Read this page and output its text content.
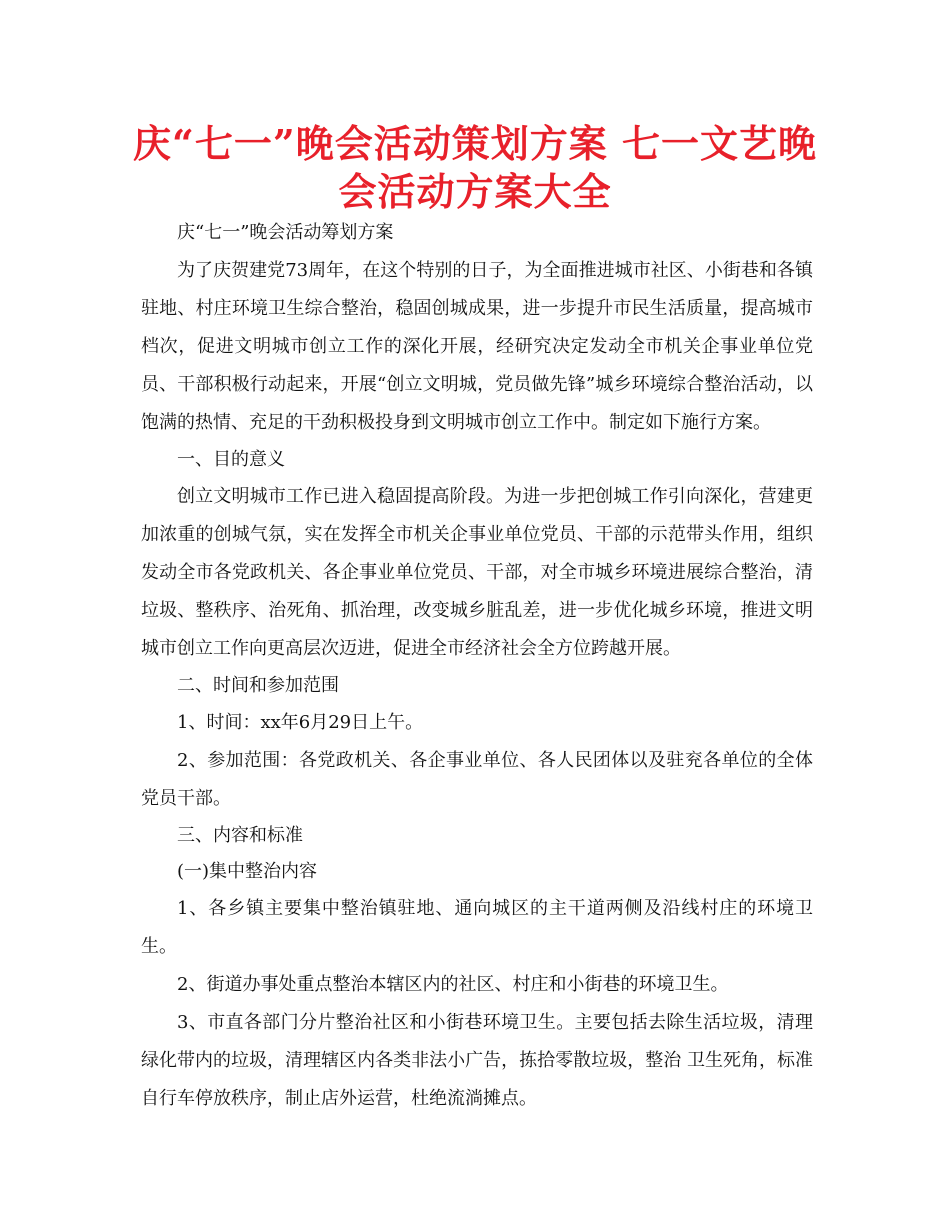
庆“七一”晚会活动策划方案 七一文艺晚会活动方案大全

庆“七一”晚会活动筹划方案

为了庆贺建党73周年，在这个特别的日子，为全面推进城市社区、小街巷和各镇驻地、村庄环境卫生综合整治，稳固创城成果，进一步提升市民生活质量，提高城市档次，促进文明城市创立工作的深化开展，经研究决定发动全市机关企事业单位党员、干部积极行动起来，开展“创立文明城，党员做先锋”城乡环境综合整治活动，以饱满的热情、充足的干劲积极投身到文明城市创立工作中。制定如下施行方案。

一、目的意义

创立文明城市工作已进入稳固提高阶段。为进一步把创城工作引向深化，营建更加浓重的创城气氛，实在发挥全市机关企事业单位党员、干部的示范带头作用，组织发动全市各党政机关、各企事业单位党员、干部，对全市城乡环境进展综合整治，清垃圾、整秩序、治死角、抓治理，改变城乡脏乱差，进一步优化城乡环境，推进文明城市创立工作向更高层次迈进，促进全市经济社会全方位跨越开展。

二、时间和参加范围

1、时间：xx年6月29日上午。

2、参加范围：各党政机关、各企事业单位、各人民团体以及驻兖各单位的全体党员干部。

三、内容和标准

(一)集中整治内容

1、各乡镇主要集中整治镇驻地、通向城区的主干道两侧及沿线村庄的环境卫生。

2、街道办事处重点整治本辖区内的社区、村庄和小街巷的环境卫生。

3、市直各部门分片整治社区和小街巷环境卫生。主要包括去除生活垃圾，清理绿化带内的垃圾，清理辖区内各类非法小广告，拣拾零散垃圾，整治 卫生死角，标准自行车停放秩序，制止店外运营，杜绝流淌摊点。
